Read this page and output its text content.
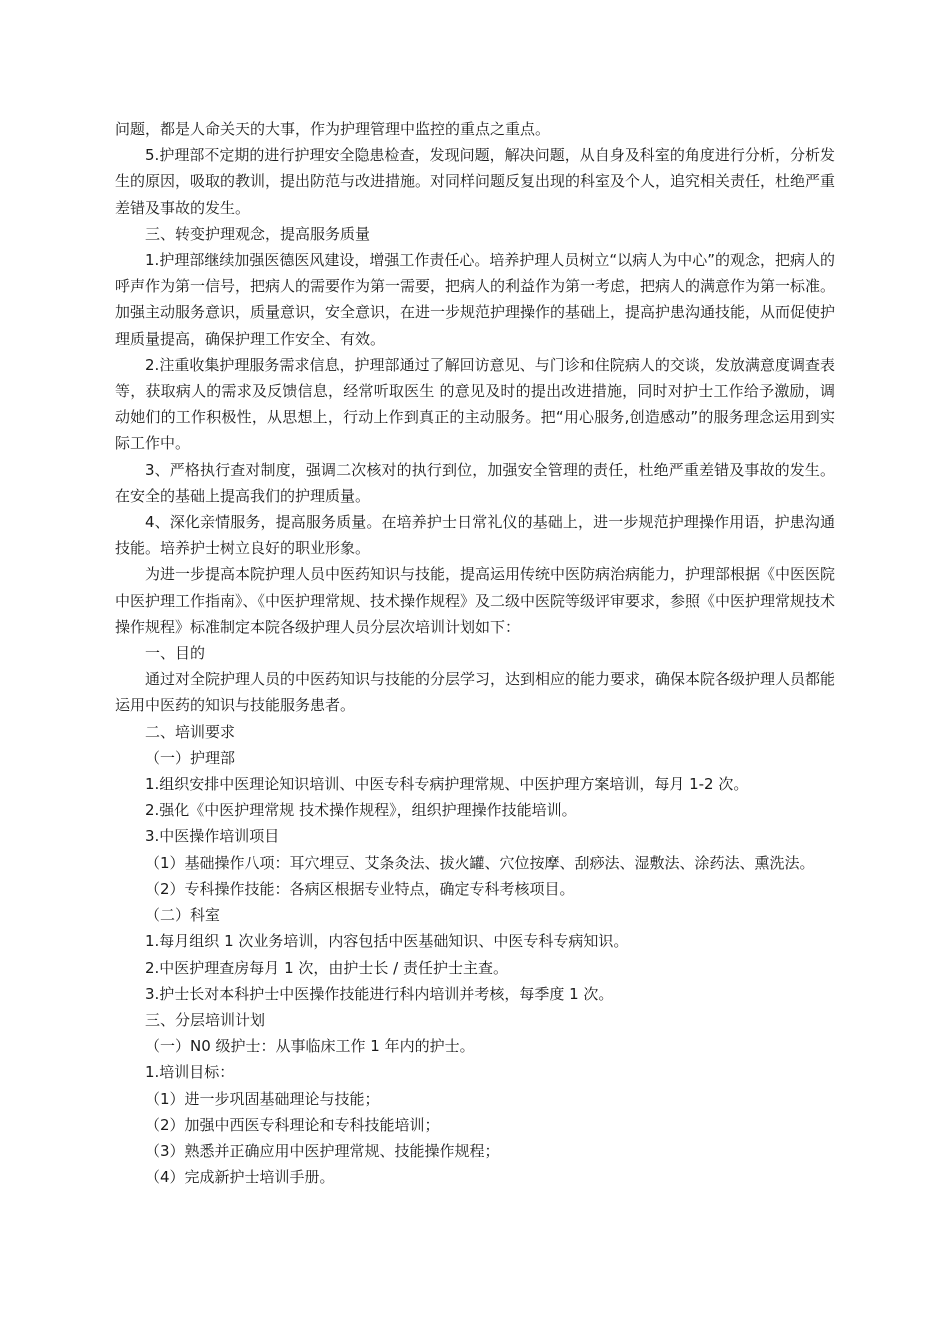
问题，都是人命关天的大事，作为护理管理中监控的重点之重点。

5.护理部不定期的进行护理安全隐患检查，发现问题，解决问题，从自身及科室的角度进行分析，分析发生的原因，吸取的教训，提出防范与改进措施。对同样问题反复出现的科室及个人，追究相关责任，杜绝严重差错及事故的发生。

三、转变护理观念，提高服务质量

1.护理部继续加强医德医风建设，增强工作责任心。培养护理人员树立“以病人为中心”的观念，把病人的呼声作为第一信号，把病人的需要作为第一需要，把病人的利益作为第一考虑，把病人的满意作为第一标准。加强主动服务意识，质量意识，安全意识，在进一步规范护理操作的基础上，提高护患沟通技能，从而促使护理质量提高，确保护理工作安全、有效。

2.注重收集护理服务需求信息，护理部通过了解回访意见、与门诊和住院病人的交谈，发放满意度调查表等，获取病人的需求及反馈信息，经常听取医生 的意见及时的提出改进措施，同时对护士工作给予激励，调动她们的工作积极性，从思想上，行动上作到真正的主动服务。把“用心服务,创造感动”的服务理念运用到实际工作中。

3、严格执行查对制度，强调二次核对的执行到位，加强安全管理的责任，杜绝严重差错及事故的发生。在安全的基础上提高我们的护理质量。

4、深化亲情服务，提高服务质量。在培养护士日常礼仪的基础上，进一步规范护理操作用语，护患沟通技能。培养护士树立良好的职业形象。

为进一步提高本院护理人员中医药知识与技能，提高运用传统中医防病治病能力，护理部根据《中医医院中医护理工作指南》、《中医护理常规、技术操作规程》及二级中医院等级评审要求，参照《中医护理常规技术操作规程》标准制定本院各级护理人员分层次培训计划如下：

一、目的

通过对全院护理人员的中医药知识与技能的分层学习，达到相应的能力要求，确保本院各级护理人员都能运用中医药的知识与技能服务患者。

二、培训要求

（一）护理部

1.组织安排中医理论知识培训、中医专科专病护理常规、中医护理方案培训，每月 1-2 次。

2.强化《中医护理常规 技术操作规程》，组织护理操作技能培训。

3.中医操作培训项目

（1）基础操作八项：耳穴埋豆、艾条灸法、拔火罐、穴位按摩、刮痧法、湿敷法、涂药法、熏洗法。

（2）专科操作技能：各病区根据专业特点，确定专科考核项目。

（二）科室

1.每月组织 1 次业务培训，内容包括中医基础知识、中医专科专病知识。

2.中医护理查房每月 1 次，由护士长 / 责任护士主查。

3.护士长对本科护士中医操作技能进行科内培训并考核，每季度 1 次。

三、分层培训计划

（一）N0 级护士：从事临床工作 1 年内的护士。

1.培训目标：

（1）进一步巩固基础理论与技能；

（2）加强中西医专科理论和专科技能培训；

（3）熟悉并正确应用中医护理常规、技能操作规程；

（4）完成新护士培训手册。
